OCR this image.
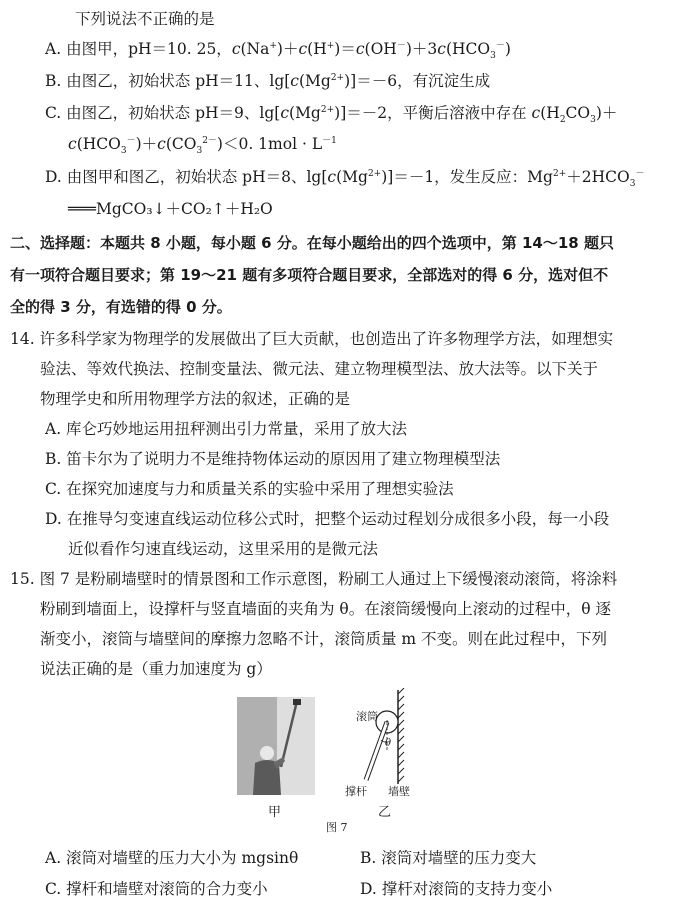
下列说法不正确的是
A. 由图甲，pH＝10. 25，$c(Na^+)+c(H^+)=c(OH^-)+3c(HCO_3^-)$
B. 由图乙，初始状态 pH＝11、$\lg[c(Mg^{2+})]=-6$，有沉淀生成
C. 由图乙，初始状态 pH＝9、$\lg[c(Mg^{2+})]=-2$，平衡后溶液中存在 $c(H_2CO_3)+$
$c(HCO_3^-)+c(CO_3^{2-})<0$. $1mol \cdot L^{-1}$
D. 由图甲和图乙，初始状态 pH＝8、$\lg[c(Mg^{2+})]=-1$，发生反应：$Mg^{2+}+2HCO_3^-$
═══MgCO₃↓＋CO₂↑＋H₂O
二、选择题：本题共 8 小题，每小题 6 分。在每小题给出的四个选项中，第 14～18 题只
有一项符合题目要求；第 19～21 题有多项符合题目要求，全部选对的得 6 分，选对但不
全的得 3 分，有选错的得 0 分。
14. 许多科学家为物理学的发展做出了巨大贡献，也创造出了许多物理学方法，如理想实
验法、等效代换法、控制变量法、微元法、建立物理模型法、放大法等。以下关于
物理学史和所用物理学方法的叙述，正确的是
A. 库仑巧妙地运用扭秤测出引力常量，采用了放大法
B. 笛卡尔为了说明力不是维持物体运动的原因用了建立物理模型法
C. 在探究加速度与力和质量关系的实验中采用了理想实验法
D. 在推导匀变速直线运动位移公式时，把整个运动过程划分成很多小段，每一小段
近似看作匀速直线运动，这里采用的是微元法
15. 图 7 是粉刷墙壁时的情景图和工作示意图，粉刷工人通过上下缓慢滚动滚筒，将涂料
粉刷到墙面上，设撑杆与竖直墙面的夹角为 θ。在滚筒缓慢向上滚动的过程中，θ 逐
渐变小，滚筒与墙壁间的摩擦力忽略不计，滚筒质量 m 不变。则在此过程中，下列
说法正确的是（重力加速度为 g）
甲
滚筒
θ
撑杆 墙壁
乙
图 7
A. 滚筒对墙壁的压力大小为 mgsinθ	B. 滚筒对墙壁的压力变大
C. 撑杆和墙壁对滚筒的合力变小	D. 撑杆对滚筒的支持力变小
